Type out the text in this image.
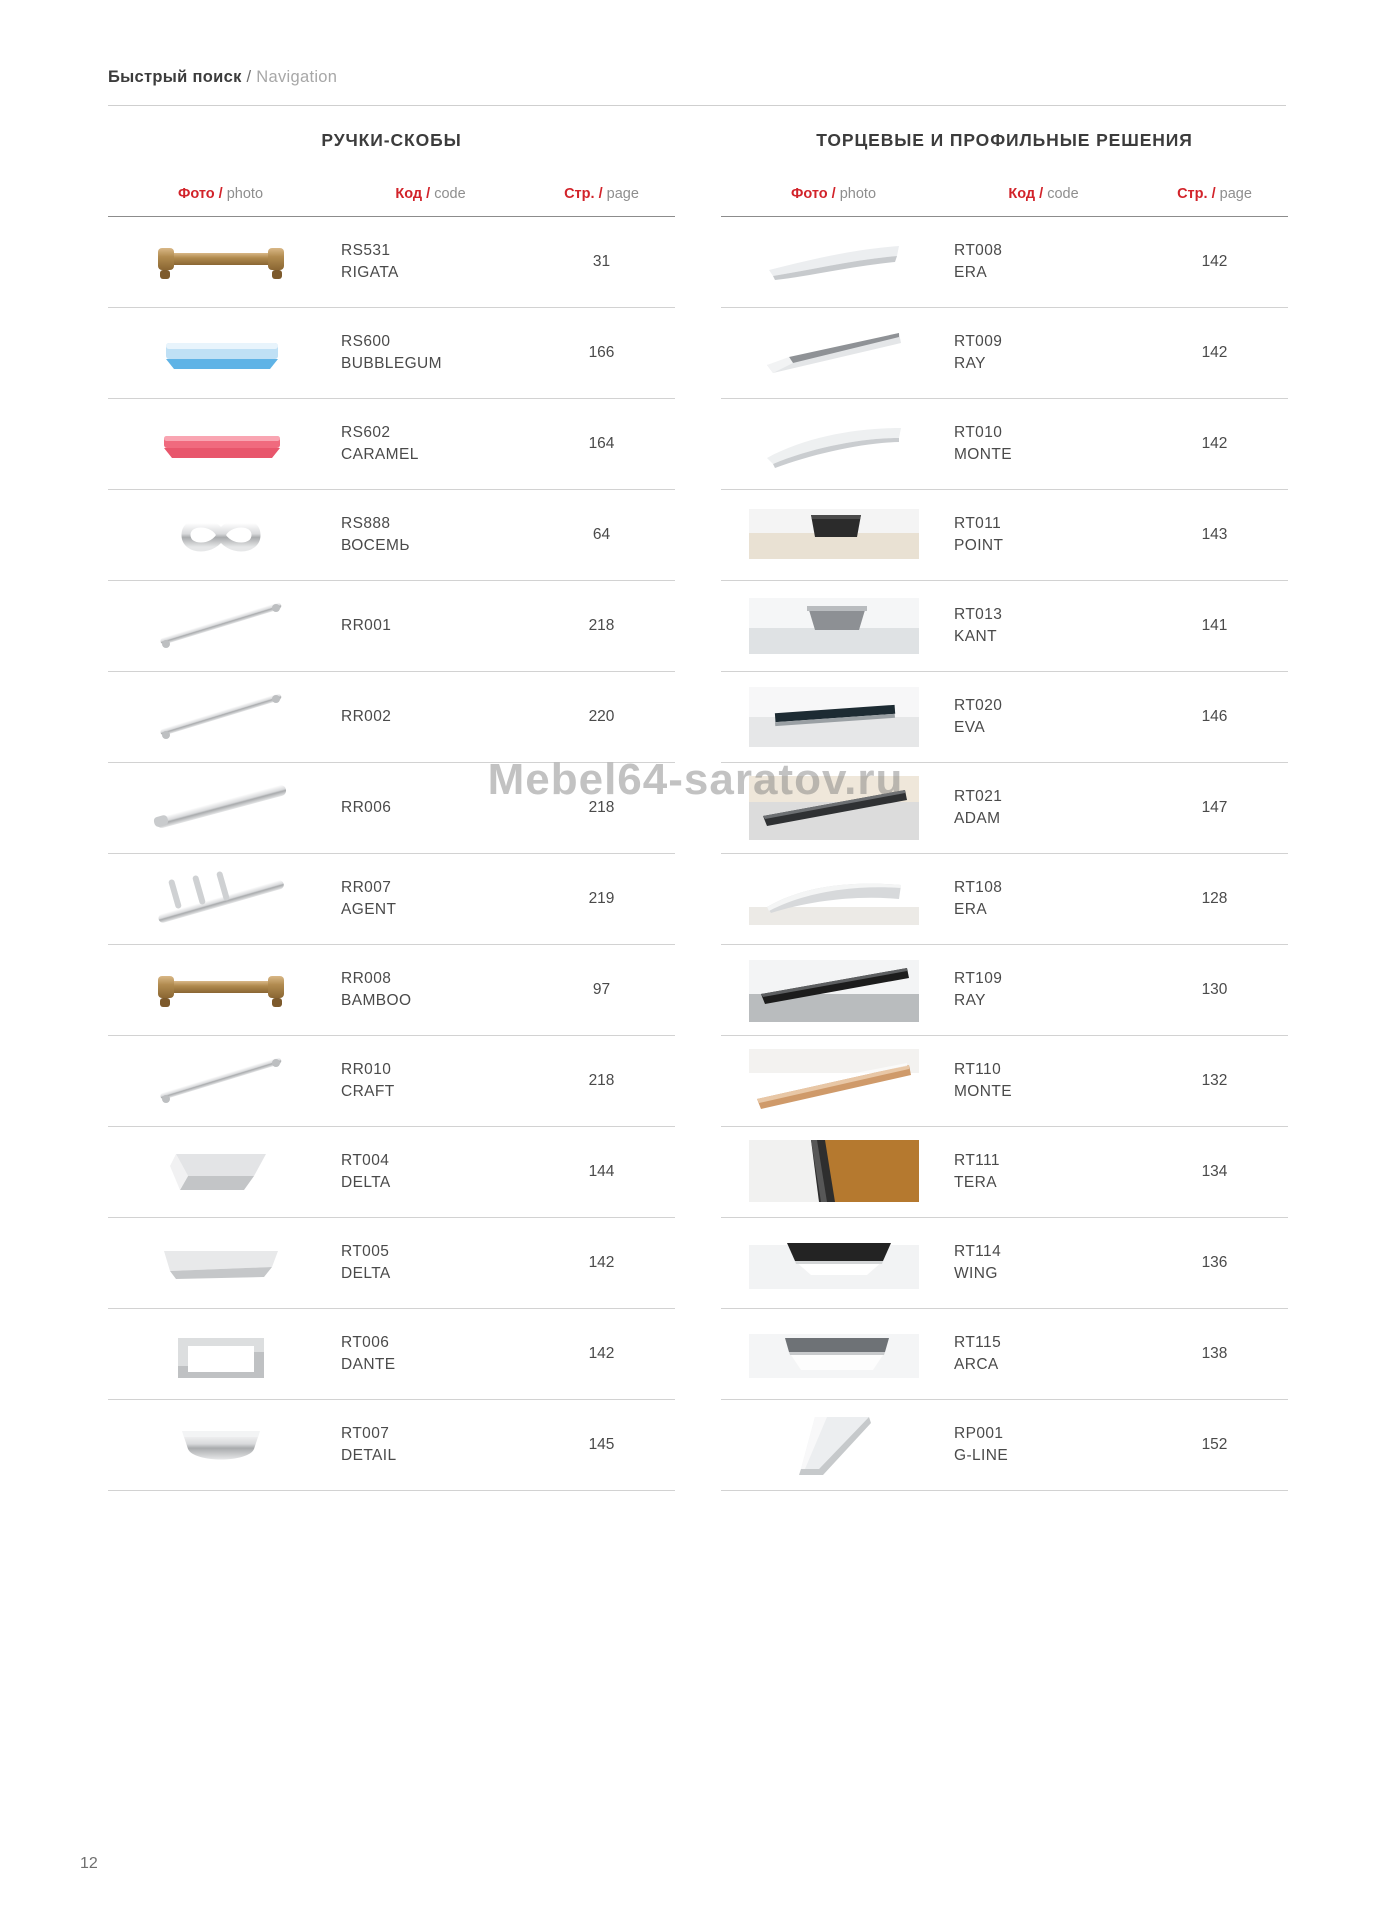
Быстрый поиск / Navigation
РУЧКИ-СКОБЫ
Фото / photo	Код / code	Стр. / page

RS531
RIGATA	31

RS600
BUBBLEGUM	166

RS602
CARAMEL	164

RS888
ВОСЕМЬ	64

RR001	218

RR002	220

RR006	218

RR007
AGENT	219

RR008
BAMBOO	97

RR010
CRAFT	218

RT004
DELTA	144

RT005
DELTA	142

RT006
DANTE	142

RT007
DETAIL	145
ТОРЦЕВЫЕ И ПРОФИЛЬНЫЕ РЕШЕНИЯ
Фото / photo	Код / code	Стр. / page

RT008
ERA	142

RT009
RAY	142

RT010
MONTE	142

RT011
POINT	143

RT013
KANT	141

RT020
EVA	146

RT021
ADAM	147

RT108
ERA	128

RT109
RAY	130

RT110
MONTE	132

RT111
TERA	134

RT114
WING	136

RT115
ARCA	138

RP001
G-LINE	152
Mebel64-saratov.ru
12
